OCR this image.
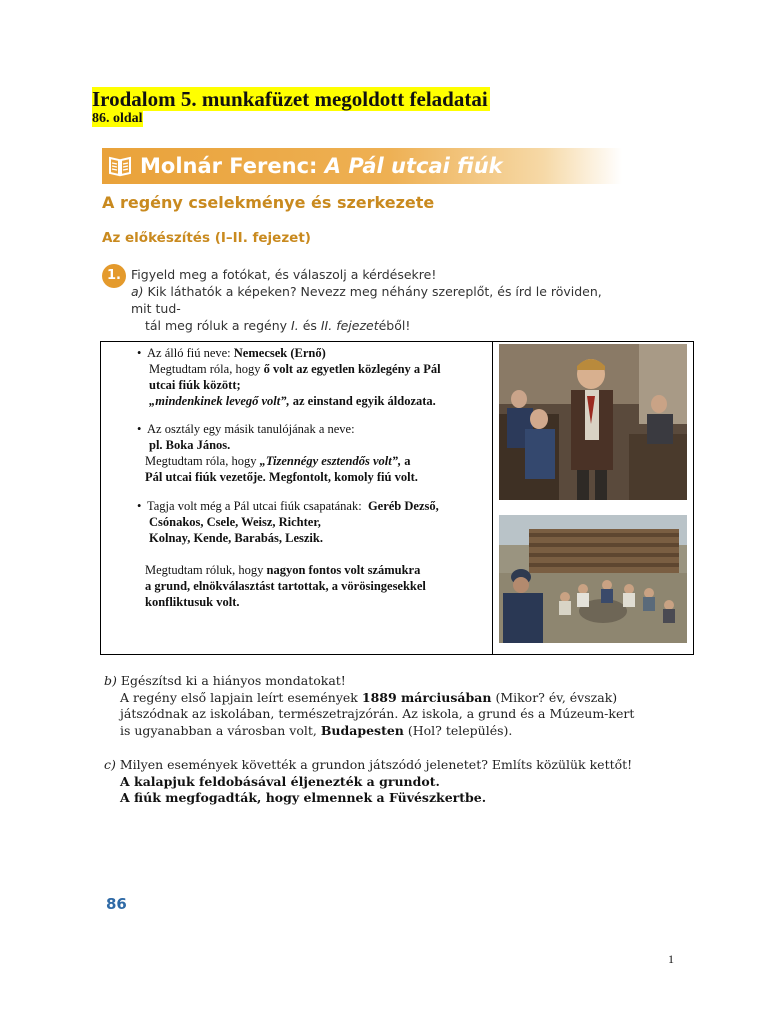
Irodalom 5. munkafüzet megoldott feladatai
86. oldal
Molnár Ferenc: A Pál utcai fiúk
A regény cselekménye és szerkezete
Az előkészítés (I–II. fejezet)
1. Figyeld meg a fotókat, és válaszolj a kérdésekre!
a) Kik láthatók a képeken? Nevezz meg néhány szereplőt, és írd le röviden, mit tud-
tál meg róluk a regény I. és II. fejezetéből!
• Az álló fiú neve: Nemecsek (Ernő)
Megtudtam róla, hogy ő volt az egyetlen közlegény a Pál
utcai fiúk között;
„mindenkinek levegő volt”, az einstand egyik áldozata.
• Az osztály egy másik tanulójának a neve:
pl. Boka János.
Megtudtam róla, hogy „Tizennégy esztendős volt”, a
Pál utcai fiúk vezetője. Megfontolt, komoly fiú volt.
• Tagja volt még a Pál utcai fiúk csapatának: Geréb Dezső,
Csónakos, Csele, Weisz, Richter,
Kolnay, Kende, Barabás, Leszik.
Megtudtam róluk, hogy nagyon fontos volt számukra
a grund, elnökválasztást tartottak, a vörösingesekkel
konfliktusuk volt.
b) Egészítsd ki a hiányos mondatokat!
A regény első lapjain leírt események 1889 márciusában (Mikor? év, évszak)
játszódnak az iskolában, természetrajzórán. Az iskola, a grund és a Múzeum-kert
is ugyanabban a városban volt, Budapesten (Hol? település).
c) Milyen események követték a grundon játszódó jelenetet? Említs közülük kettőt!
A kalapjuk feldobásával éljenezték a grundot.
A fiúk megfogadták, hogy elmennek a Füvészkertbe.
86
1
